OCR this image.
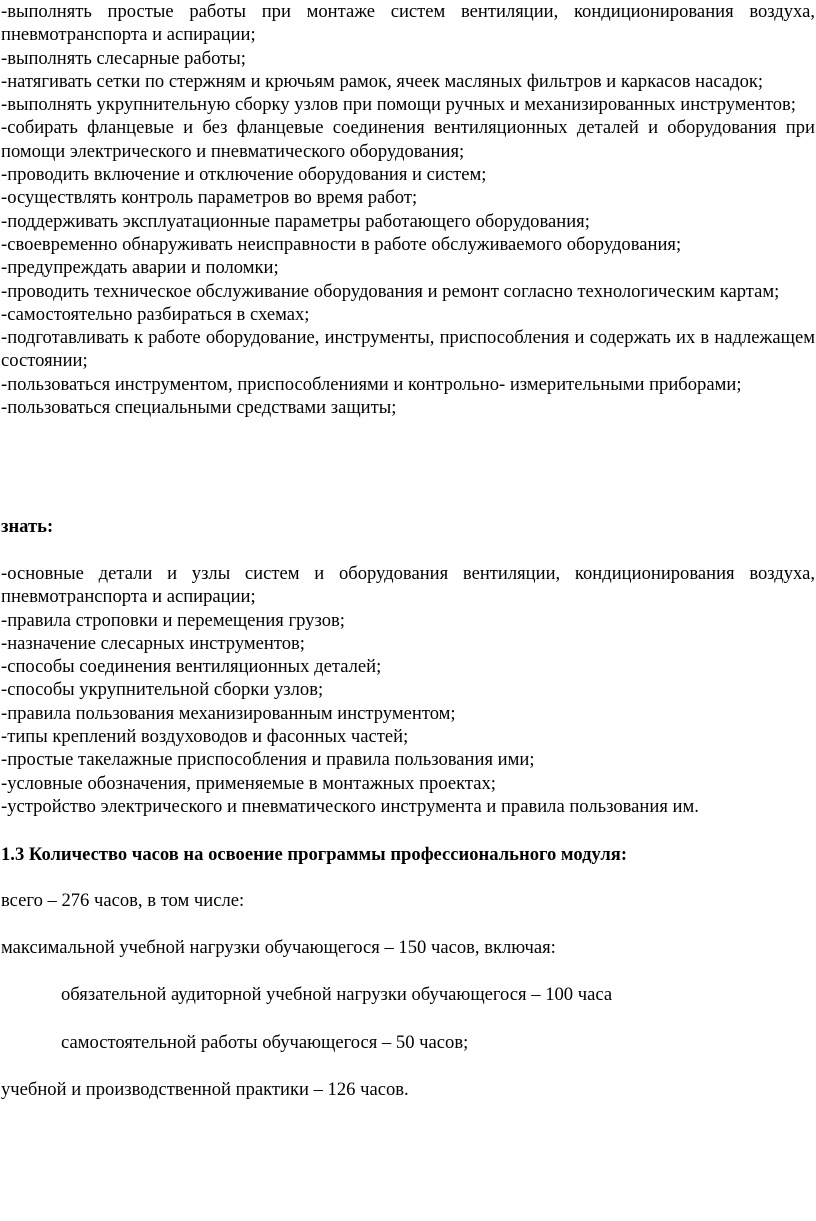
-выполнять простые работы при монтаже систем вентиляции, кондиционирования воздуха, пневмотранспорта и аспирации;

-выполнять слесарные работы;

-натягивать сетки по стержням и крючьям рамок, ячеек масляных фильтров и каркасов насадок;

-выполнять укрупнительную сборку узлов при помощи ручных и механизированных инструментов;

-собирать фланцевые и без фланцевые соединения вентиляционных деталей и оборудования при помощи электрического и пневматического оборудования;

-проводить включение и отключение оборудования и систем;

-осуществлять контроль параметров во время работ;

-поддерживать эксплуатационные параметры работающего оборудования;

-своевременно обнаруживать неисправности в работе обслуживаемого оборудования;

-предупреждать аварии и поломки;

-проводить техническое обслуживание оборудования и ремонт согласно технологическим картам;

-самостоятельно разбираться в схемах;

-подготавливать к работе оборудование, инструменты, приспособления и содержать их в надлежащем состоянии;

-пользоваться инструментом, приспособлениями и контрольно- измерительными приборами;

-пользоваться специальными средствами защиты;

знать:

-основные детали и узлы систем и оборудования вентиляции, кондиционирования воздуха, пневмотранспорта и аспирации;

-правила строповки и перемещения грузов;

-назначение слесарных инструментов;

-способы соединения вентиляционных деталей;

-способы укрупнительной сборки узлов;

-правила пользования механизированным инструментом;

-типы креплений воздуховодов и фасонных частей;

-простые такелажные приспособления и правила пользования ими;

-условные обозначения, применяемые в монтажных проектах;

-устройство электрического и пневматического инструмента и правила пользования им.

1.3 Количество часов на освоение программы профессионального модуля:

всего – 276 часов, в том числе:

максимальной учебной нагрузки обучающегося – 150 часов, включая:

обязательной аудиторной учебной нагрузки обучающегося – 100 часа

самостоятельной работы обучающегося – 50 часов;

учебной и производственной практики – 126 часов.
